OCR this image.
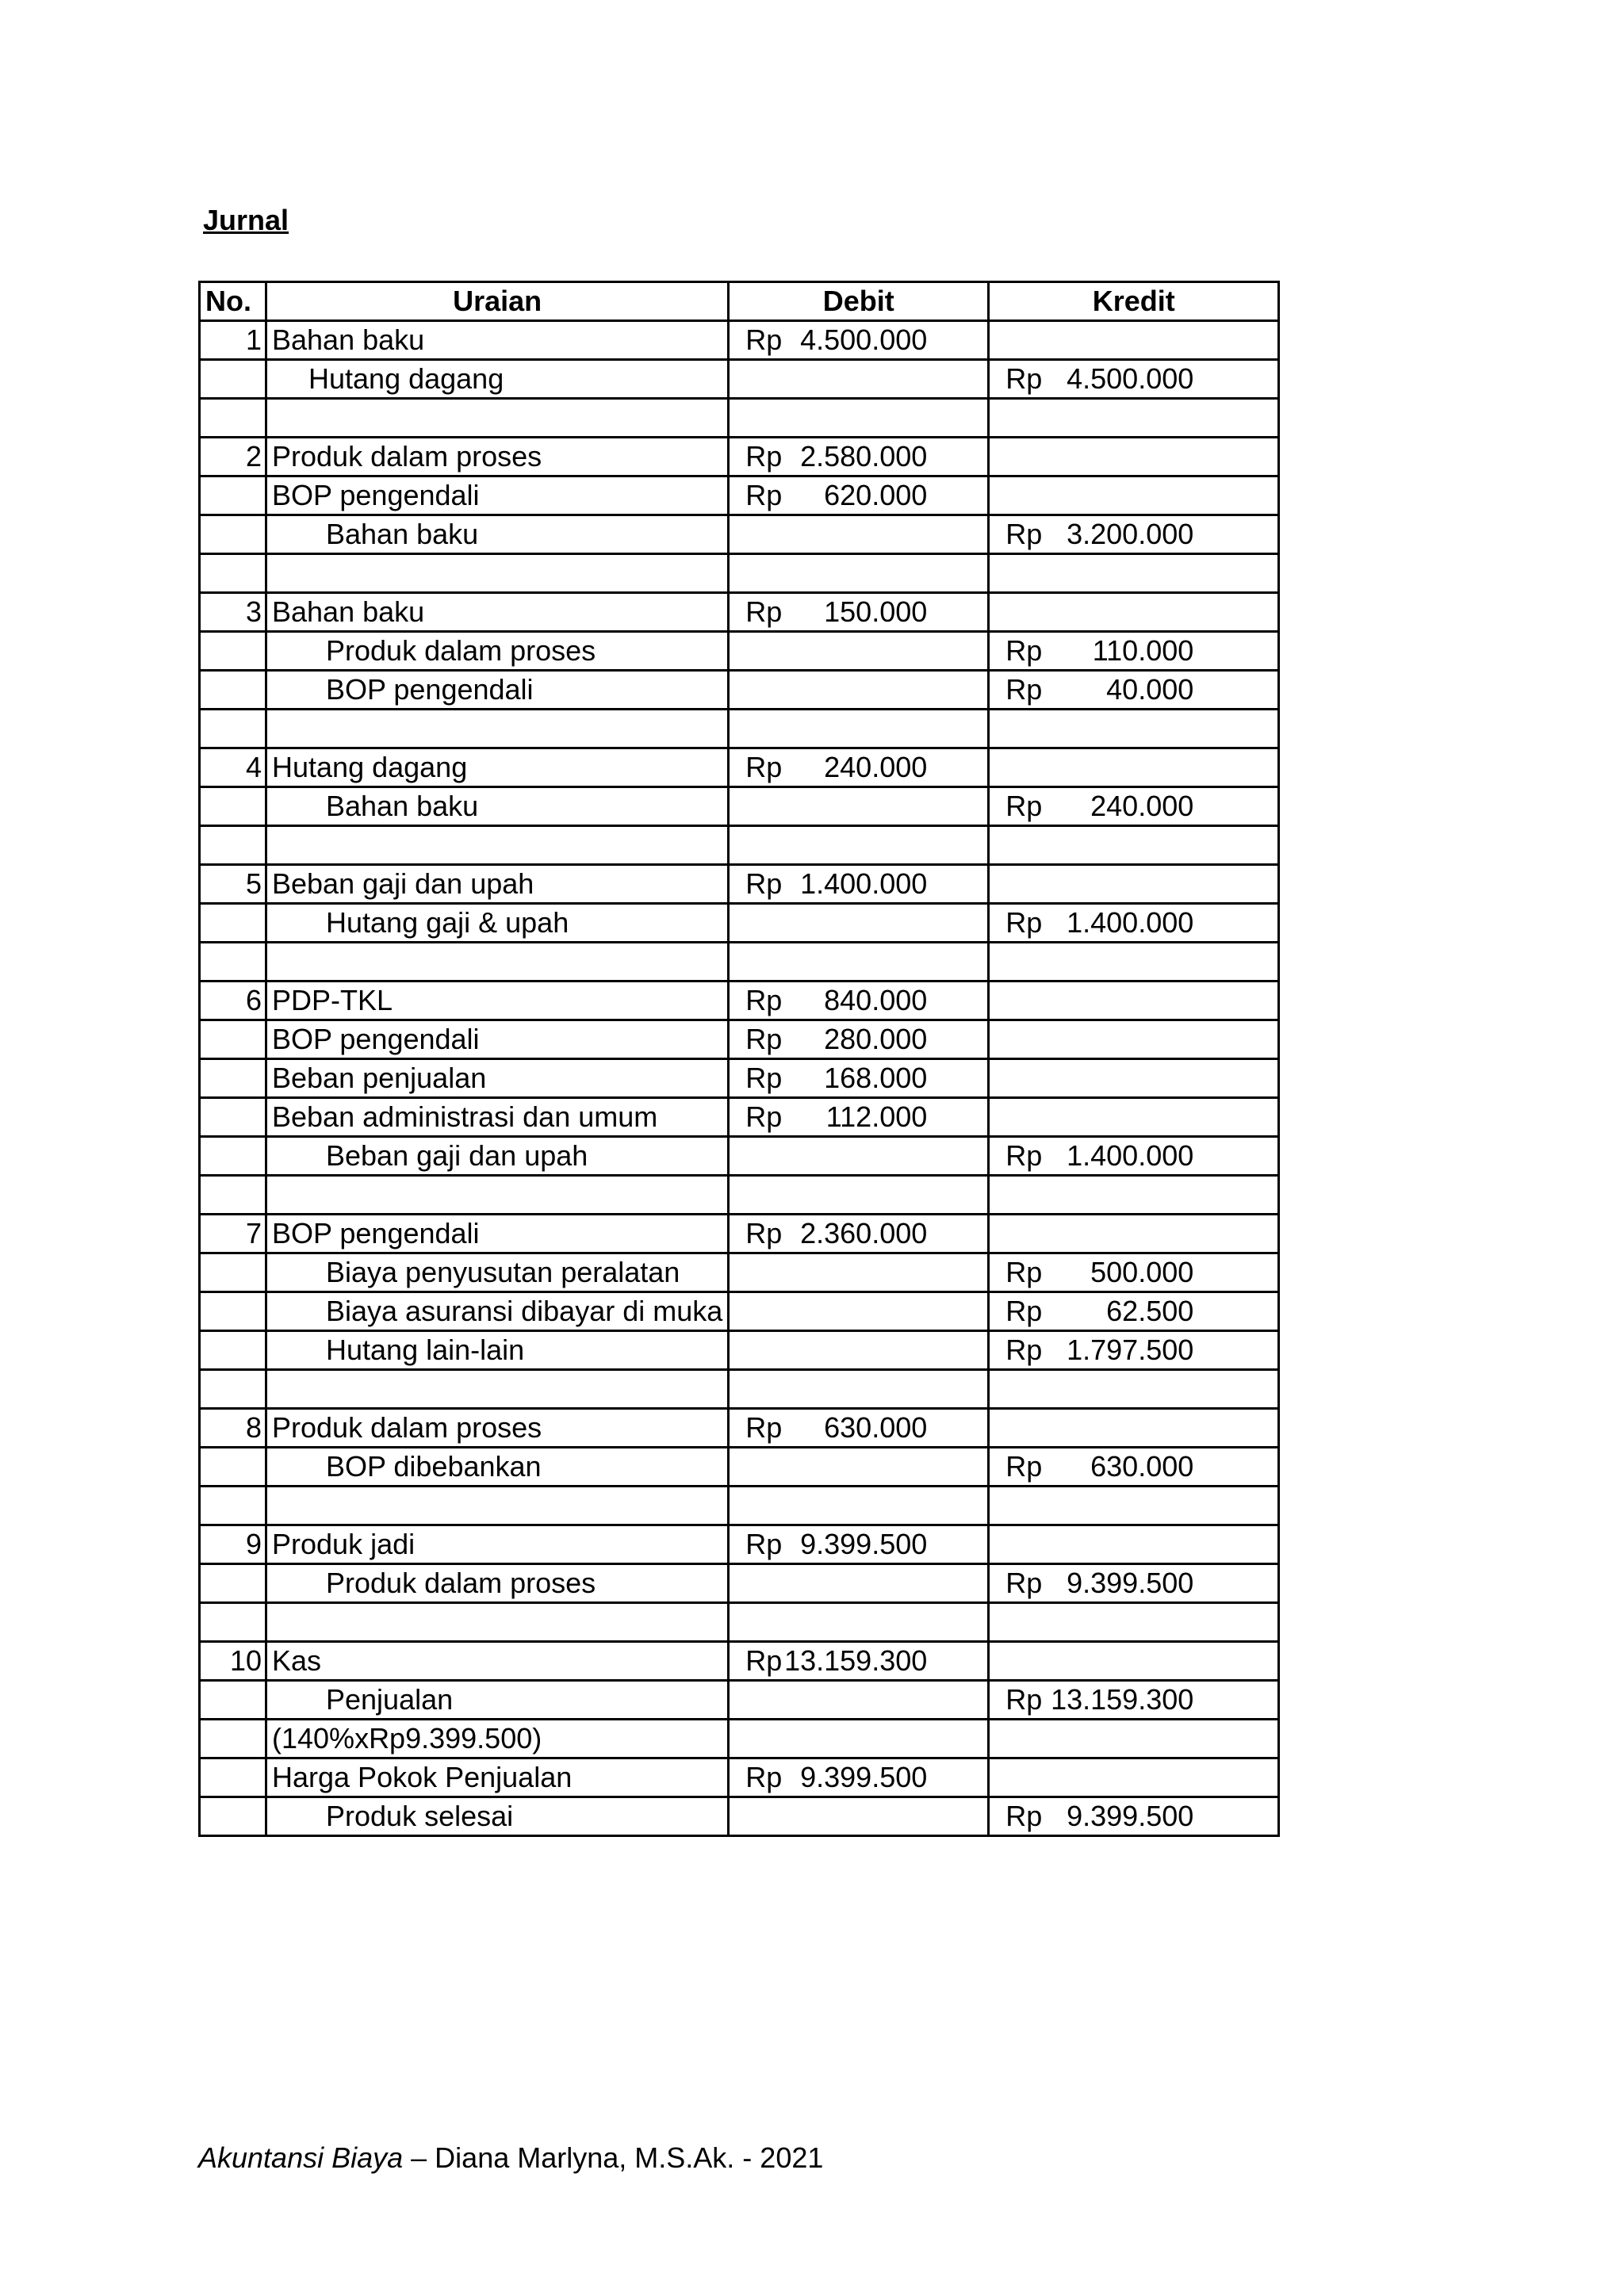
Jurnal
No.	Uraian	Debit	Kredit
1	Bahan baku	Rp 4.500.000	

	Hutang dagang		Rp 4.500.000

2	Produk dalam proses	Rp 2.580.000	

	BOP pengendali	Rp 620.000	

	Bahan baku		Rp 3.200.000

3	Bahan baku	Rp 150.000	

	Produk dalam proses		Rp 110.000

	BOP pengendali		Rp 40.000

4	Hutang dagang	Rp 240.000	

	Bahan baku		Rp 240.000

5	Beban gaji dan upah	Rp 1.400.000	

	Hutang gaji & upah		Rp 1.400.000

6	PDP-TKL	Rp 840.000	

	BOP pengendali	Rp 280.000	

	Beban penjualan	Rp 168.000	

	Beban administrasi dan umum	Rp 112.000	

	Beban gaji dan upah		Rp 1.400.000

7	BOP pengendali	Rp 2.360.000	

	Biaya penyusutan peralatan		Rp 500.000

	Biaya asuransi dibayar di muka		Rp 62.500

	Hutang lain-lain		Rp 1.797.500

8	Produk dalam proses	Rp 630.000	

	BOP dibebankan		Rp 630.000

9	Produk jadi	Rp 9.399.500	

	Produk dalam proses		Rp 9.399.500

10	Kas	Rp 13.159.300	

	Penjualan		Rp 13.159.300

	(140%xRp9.399.500)		
	Harga Pokok Penjualan	Rp 9.399.500	

	Produk selesai		Rp 9.399.500
Akuntansi Biaya – Diana Marlyna, M.S.Ak. - 2021
